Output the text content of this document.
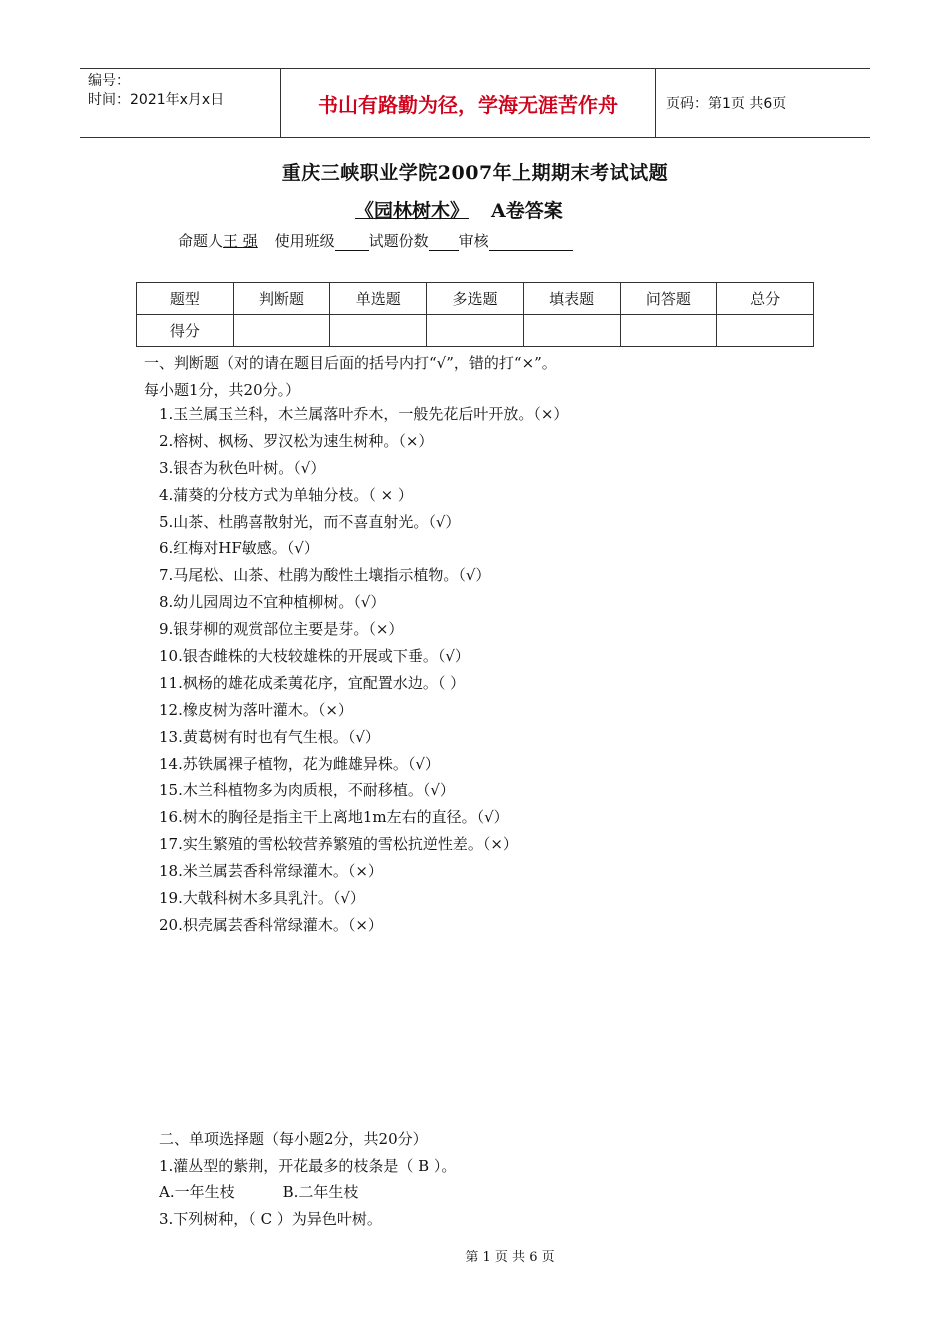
编号：
时间：2021年x月x日	书山有路勤为径，学海无涯苦作舟	页码：第1页 共6页
重庆三峡职业学院2007年上期期末考试试题
《园林树木》 A卷答案
命题人王 强 使用班级 试题份数 审核
题型	判断题	单选题	多选题	填表题	问答题	总分
得分						
一、判断题（对的请在题目后面的括号内打“√”，错的打“×”。
每小题1分，共20分。）
1.玉兰属玉兰科，木兰属落叶乔木，一般先花后叶开放。（×）
2.榕树、枫杨、罗汉松为速生树种。（×）
3.银杏为秋色叶树。（√）
4.蒲葵的分枝方式为单轴分枝。（ × ）
5.山茶、杜鹃喜散射光，而不喜直射光。（√）
6.红梅对HF敏感。（√）
7.马尾松、山茶、杜鹃为酸性土壤指示植物。（√）
8.幼儿园周边不宜种植柳树。（√）
9.银芽柳的观赏部位主要是芽。（×）
10.银杏雌株的大枝较雄株的开展或下垂。（√）
11.枫杨的雄花成柔荑花序，宜配置水边。（ ）
12.橡皮树为落叶灌木。（×）
13.黄葛树有时也有气生根。（√）
14.苏铁属裸子植物，花为雌雄异株。（√）
15.木兰科植物多为肉质根，不耐移植。（√）
16.树木的胸径是指主干上离地1m左右的直径。（√）
17.实生繁殖的雪松较营养繁殖的雪松抗逆性差。（×）
18.米兰属芸香科常绿灌木。（×）
19.大戟科树木多具乳汁。（√）
20.枳壳属芸香科常绿灌木。（×）
二、单项选择题（每小题2分，共20分）
1.灌丛型的紫荆，开花最多的枝条是（ B ）。
A.一年生枝	B.二年生枝
3.下列树种，（ C ）为异色叶树。
第 1 页 共 6 页
